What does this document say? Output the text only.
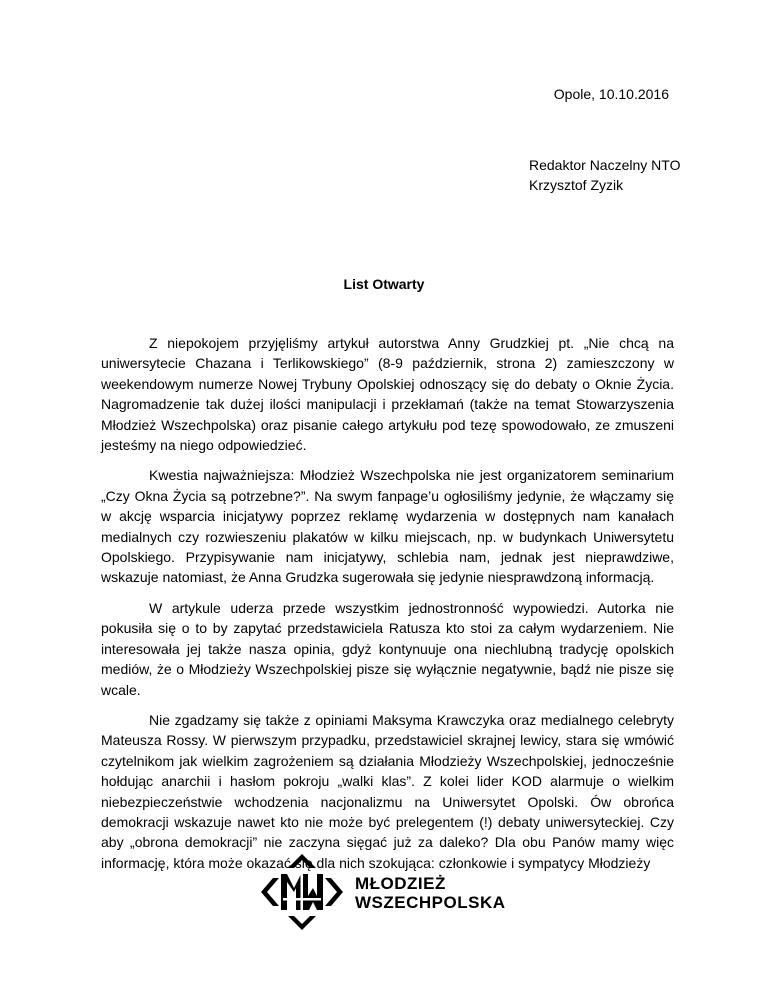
Opole, 10.10.2016
Redaktor Naczelny NTO
Krzysztof Zyzik
List Otwarty

Z niepokojem przyjęliśmy artykuł autorstwa Anny Grudzkiej pt. „Nie chcą na uniwersytecie Chazana i Terlikowskiego” (8-9 październik, strona 2) zamieszczony w weekendowym numerze Nowej Trybuny Opolskiej odnoszący się do debaty o Oknie Życia. Nagromadzenie tak dużej ilości manipulacji i przekłamań (także na temat Stowarzyszenia Młodzież Wszechpolska) oraz pisanie całego artykułu pod tezę spowodowało, ze zmuszeni jesteśmy na niego odpowiedzieć.

Kwestia najważniejsza: Młodzież Wszechpolska nie jest organizatorem seminarium „Czy Okna Życia są potrzebne?”. Na swym fanpage’u ogłosiliśmy jedynie, że włączamy się w akcję wsparcia inicjatywy poprzez reklamę wydarzenia w dostępnych nam kanałach medialnych czy rozwieszeniu plakatów w kilku miejscach, np. w budynkach Uniwersytetu Opolskiego. Przypisywanie nam inicjatywy, schlebia nam, jednak jest nieprawdziwe, wskazuje natomiast, że Anna Grudzka sugerowała się jedynie niesprawdzoną informacją.

W artykule uderza przede wszystkim jednostronność wypowiedzi. Autorka nie pokusiła się o to by zapytać przedstawiciela Ratusza kto stoi za całym wydarzeniem. Nie interesowała jej także nasza opinia, gdyż kontynuuje ona niechlubną tradycję opolskich mediów, że o Młodzieży Wszechpolskiej pisze się wyłącznie negatywnie, bądź nie pisze się wcale.

Nie zgadzamy się także z opiniami Maksyma Krawczyka oraz medialnego celebryty Mateusza Rossy. W pierwszym przypadku, przedstawiciel skrajnej lewicy, stara się wmówić czytelnikom jak wielkim zagrożeniem są działania Młodzieży Wszechpolskiej, jednocześnie hołdując anarchii i hasłom pokroju „walki klas”. Z kolei lider KOD alarmuje o wielkim niebezpieczeństwie wchodzenia nacjonalizmu na Uniwersytet Opolski. Ów obrońca demokracji wskazuje nawet kto nie może być prelegentem (!) debaty uniwersyteckiej. Czy aby „obrona demokracji” nie zaczyna sięgać już za daleko? Dla obu Panów mamy więc informację, która może okazać się dla nich szokująca: członkowie i sympatycy Młodzieży

MŁODZIEŻ
WSZECHPOLSKA
